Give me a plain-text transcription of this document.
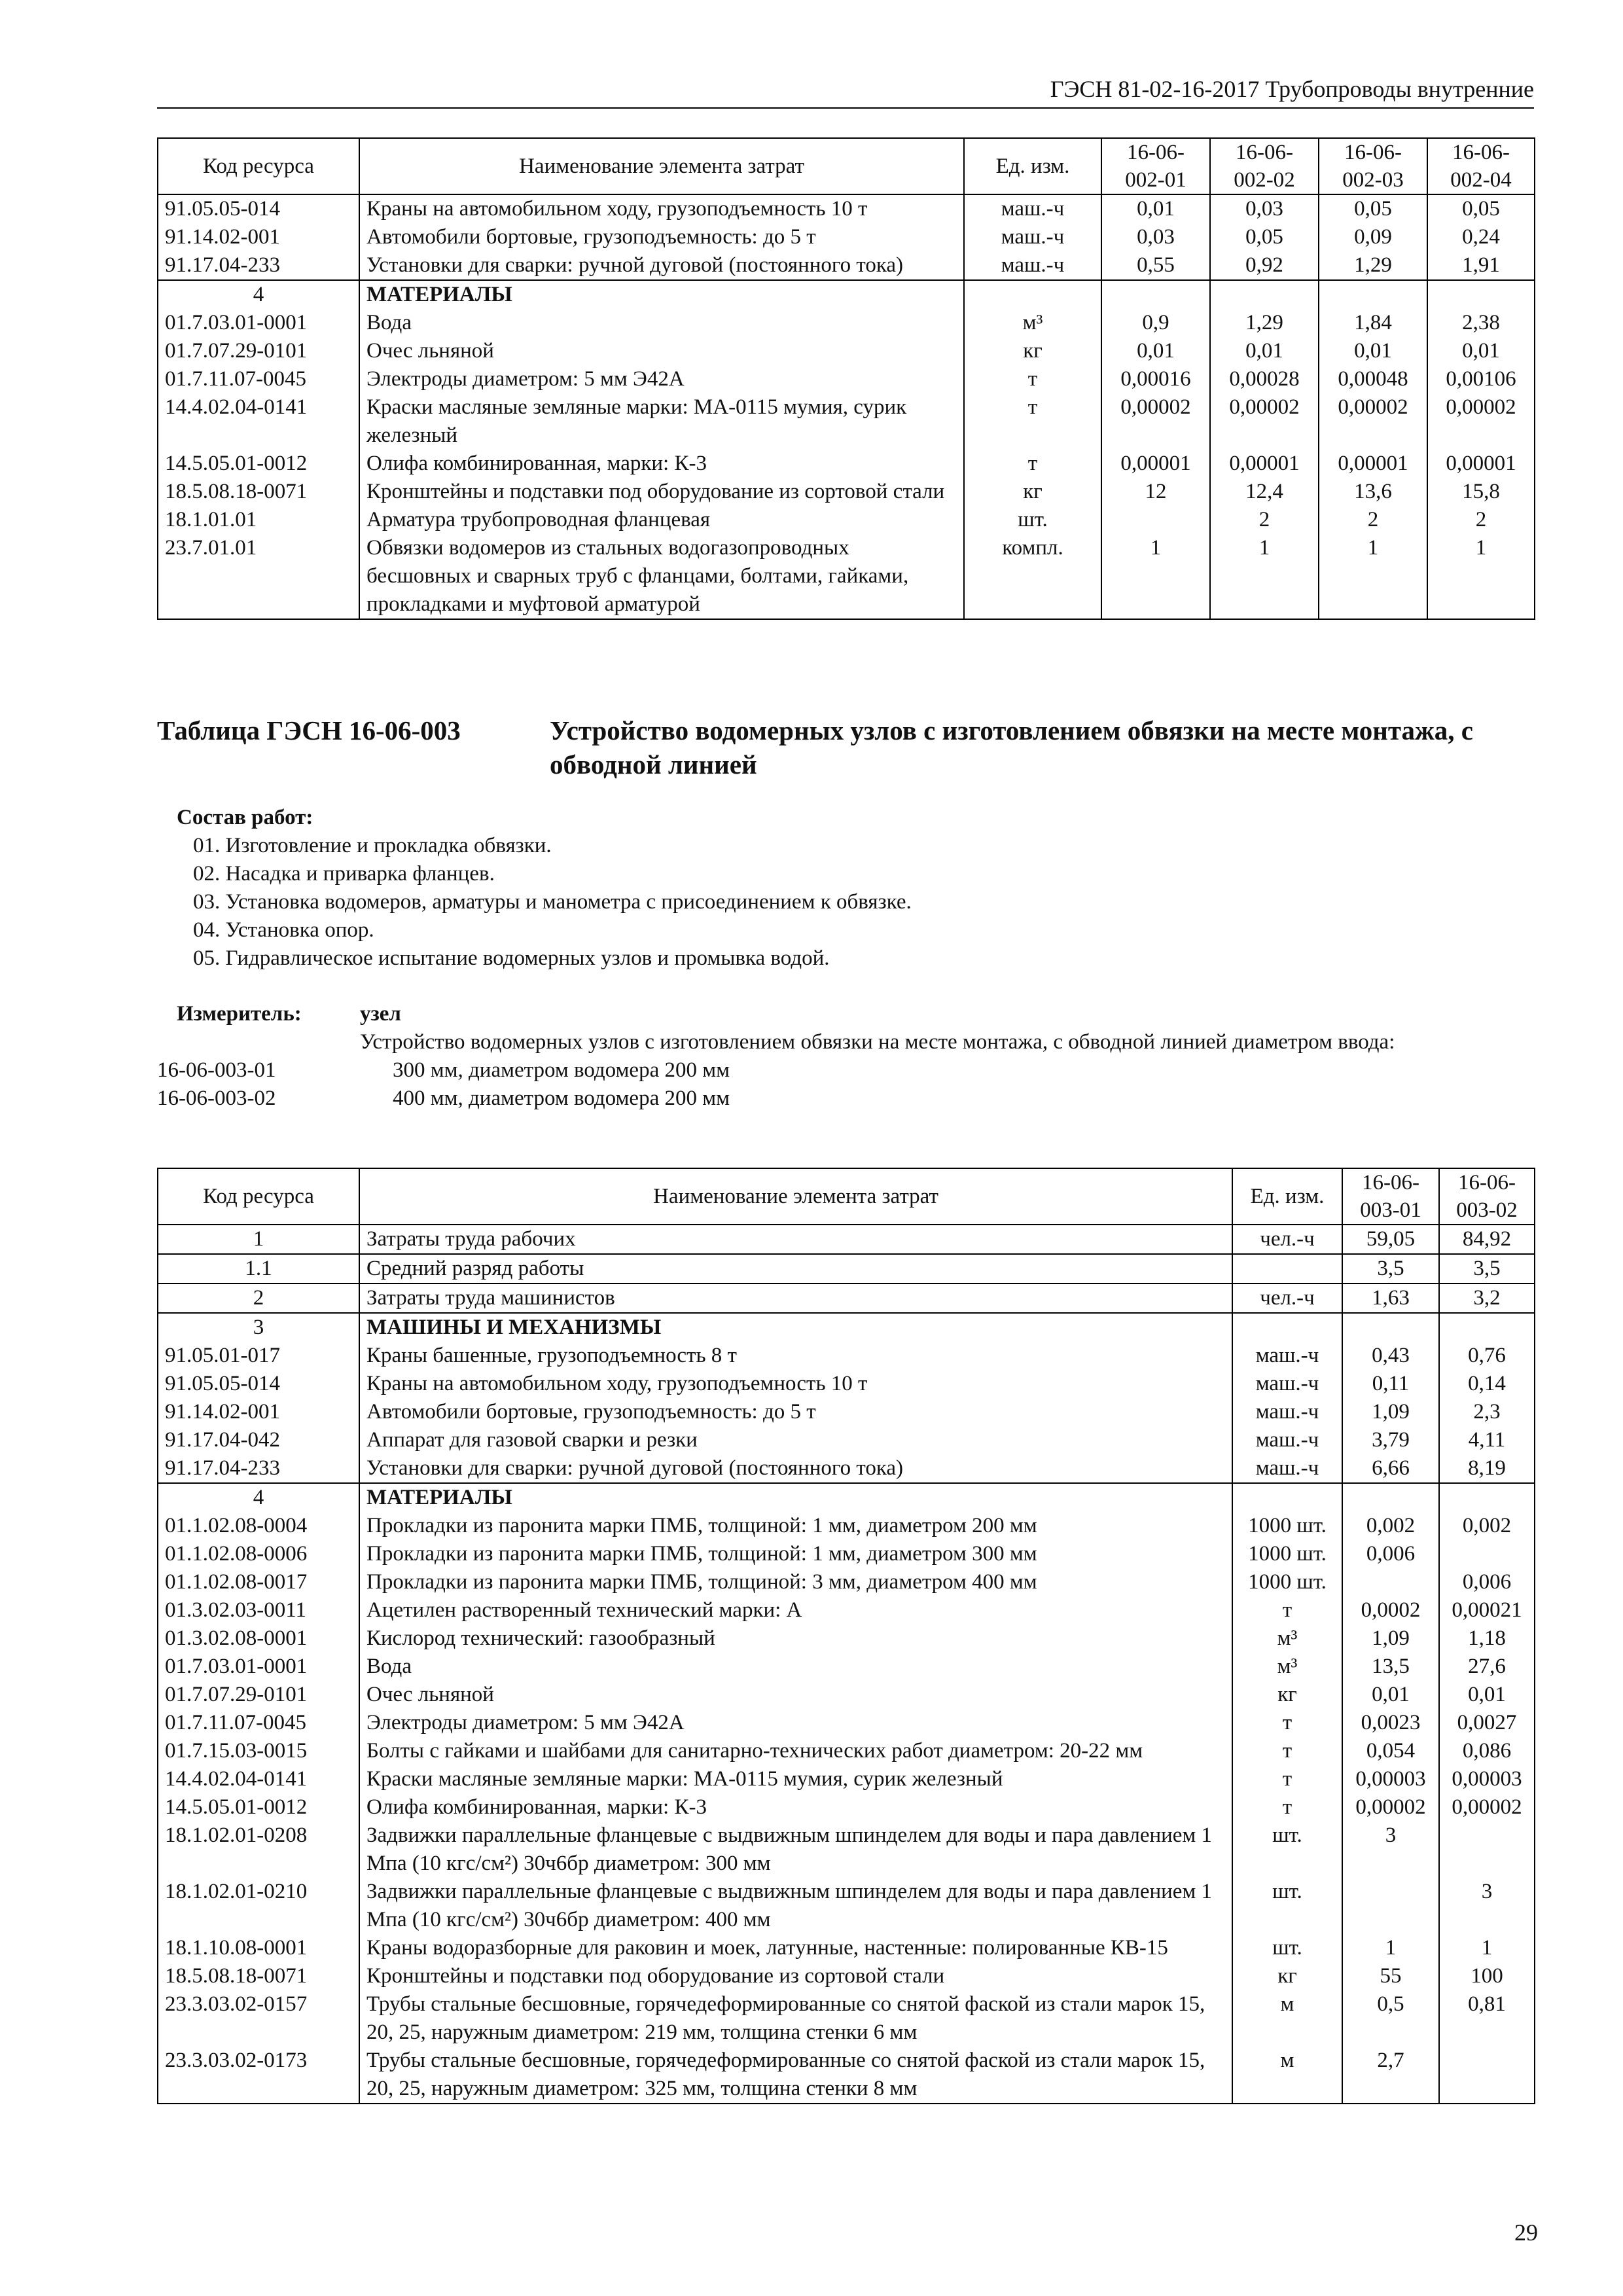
ГЭСН 81-02-16-2017 Трубопроводы внутренние
Код ресурса	Наименование элемента затрат	Ед. изм.	16-06-
002-01	16-06-
002-02	16-06-
002-03	16-06-
002-04
91.05.05-014	Краны на автомобильном ходу, грузоподъемность 10 т	маш.-ч	0,01	0,03	0,05	0,05
91.14.02-001	Автомобили бортовые, грузоподъемность: до 5 т	маш.-ч	0,03	0,05	0,09	0,24
91.17.04-233	Установки для сварки: ручной дуговой (постоянного тока)	маш.-ч	0,55	0,92	1,29	1,91
4	МАТЕРИАЛЫ					
01.7.03.01-0001	Вода	м³	0,9	1,29	1,84	2,38
01.7.07.29-0101	Очес льняной	кг	0,01	0,01	0,01	0,01
01.7.11.07-0045	Электроды диаметром: 5 мм Э42А	т	0,00016	0,00028	0,00048	0,00106
14.4.02.04-0141	Краски масляные земляные марки: МА-0115 мумия, сурик железный	т	0,00002	0,00002	0,00002	0,00002
14.5.05.01-0012	Олифа комбинированная, марки: К-3	т	0,00001	0,00001	0,00001	0,00001
18.5.08.18-0071	Кронштейны и подставки под оборудование из сортовой стали	кг	12	12,4	13,6	15,8
18.1.01.01	Арматура трубопроводная фланцевая	шт.		2	2	2
23.7.01.01	Обвязки водомеров из стальных водогазопроводных бесшовных и сварных труб с фланцами, болтами, гайками, прокладками и муфтовой арматурой	компл.	1	1	1	1
Таблица ГЭСН 16-06-003	Устройство водомерных узлов с изготовлением обвязки на месте монтажа, с обводной линией
Состав работ:
01. Изготовление и прокладка обвязки.
02. Насадка и приварка фланцев.
03. Установка водомеров, арматуры и манометра с присоединением к обвязке.
04. Установка опор.
05. Гидравлическое испытание водомерных узлов и промывка водой.
Измеритель:	узел
Устройство водомерных узлов с изготовлением обвязки на месте монтажа, с обводной линией диаметром ввода:
16-06-003-01	300 мм, диаметром водомера 200 мм
16-06-003-02	400 мм, диаметром водомера 200 мм
Код ресурса	Наименование элемента затрат	Ед. изм.	16-06-
003-01	16-06-
003-02
1	Затраты труда рабочих	чел.-ч	59,05	84,92
1.1	Средний разряд работы		3,5	3,5
2	Затраты труда машинистов	чел.-ч	1,63	3,2
3	МАШИНЫ И МЕХАНИЗМЫ			
91.05.01-017	Краны башенные, грузоподъемность 8 т	маш.-ч	0,43	0,76
91.05.05-014	Краны на автомобильном ходу, грузоподъемность 10 т	маш.-ч	0,11	0,14
91.14.02-001	Автомобили бортовые, грузоподъемность: до 5 т	маш.-ч	1,09	2,3
91.17.04-042	Аппарат для газовой сварки и резки	маш.-ч	3,79	4,11
91.17.04-233	Установки для сварки: ручной дуговой (постоянного тока)	маш.-ч	6,66	8,19
4	МАТЕРИАЛЫ			
01.1.02.08-0004	Прокладки из паронита марки ПМБ, толщиной: 1 мм, диаметром 200 мм	1000 шт.	0,002	0,002
01.1.02.08-0006	Прокладки из паронита марки ПМБ, толщиной: 1 мм, диаметром 300 мм	1000 шт.	0,006	
01.1.02.08-0017	Прокладки из паронита марки ПМБ, толщиной: 3 мм, диаметром 400 мм	1000 шт.		0,006
01.3.02.03-0011	Ацетилен растворенный технический марки: А	т	0,0002	0,00021
01.3.02.08-0001	Кислород технический: газообразный	м³	1,09	1,18
01.7.03.01-0001	Вода	м³	13,5	27,6
01.7.07.29-0101	Очес льняной	кг	0,01	0,01
01.7.11.07-0045	Электроды диаметром: 5 мм Э42А	т	0,0023	0,0027
01.7.15.03-0015	Болты с гайками и шайбами для санитарно-технических работ диаметром: 20-22 мм	т	0,054	0,086
14.4.02.04-0141	Краски масляные земляные марки: МА-0115 мумия, сурик железный	т	0,00003	0,00003
14.5.05.01-0012	Олифа комбинированная, марки: К-3	т	0,00002	0,00002
18.1.02.01-0208	Задвижки параллельные фланцевые с выдвижным шпинделем для воды и пара давлением 1 Мпа (10 кгс/см²) 30ч6бр диаметром: 300 мм	шт.	3	
18.1.02.01-0210	Задвижки параллельные фланцевые с выдвижным шпинделем для воды и пара давлением 1 Мпа (10 кгс/см²) 30ч6бр диаметром: 400 мм	шт.		3
18.1.10.08-0001	Краны водоразборные для раковин и моек, латунные, настенные: полированные КВ-15	шт.	1	1
18.5.08.18-0071	Кронштейны и подставки под оборудование из сортовой стали	кг	55	100
23.3.03.02-0157	Трубы стальные бесшовные, горячедеформированные со снятой фаской из стали марок 15, 20, 25, наружным диаметром: 219 мм, толщина стенки 6 мм	м	0,5	0,81
23.3.03.02-0173	Трубы стальные бесшовные, горячедеформированные со снятой фаской из стали марок 15, 20, 25, наружным диаметром: 325 мм, толщина стенки 8 мм	м	2,7	
29
